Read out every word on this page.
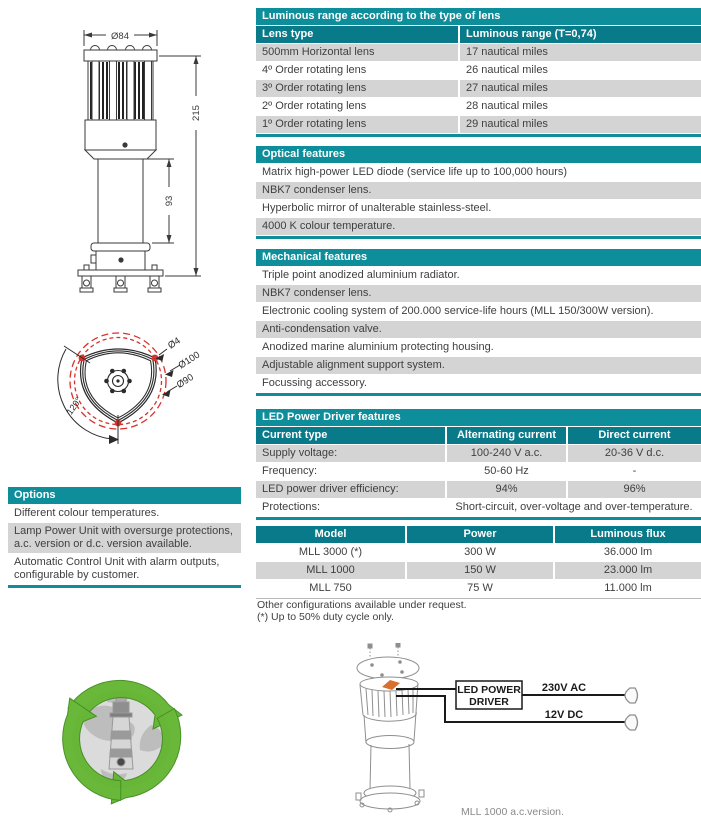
Luminous range according to the type of lens
Lens type	Luminous range (T=0,74)
500mm Horizontal lens	17 nautical miles
4º Order rotating lens	26 nautical miles
3º Order rotating lens	27 nautical miles
2º Order rotating lens	28 nautical miles
1º Order rotating lens	29 nautical miles
Optical features
Matrix high-power LED diode (service life up to 100,000 hours)
NBK7 condenser lens.
Hyperbolic mirror of unalterable stainless-steel.
4000 K colour temperature.
Mechanical features
Triple point anodized aluminium radiator.
NBK7 condenser lens.
Electronic cooling system of 200.000 service-life hours (MLL 150/300W version).
Anti-condensation valve.
Anodized marine aluminium protecting housing.
Adjustable alignment support system.
Focussing accessory.
LED Power Driver features
Current type	Alternating current	Direct current
Supply voltage:	100-240 V a.c.	20-36 V d.c.
Frequency:	50-60 Hz	-
LED power driver efficiency:	94%	96%
Protections:	Short-circuit, over-voltage and over-temperature.
Model	Power	Luminous flux
MLL 3000 (*)	300 W	36.000 lm
MLL 1000	150 W	23.000 lm
MLL 750	75 W	11.000 lm
Other configurations available under request.
(*) Up to 50% duty cycle only.
Options
Different colour temperatures.
Lamp Power Unit with oversurge protections, a.c. version or d.c. version available.
Automatic Control Unit with alarm outputs, configurable by customer.
Ø84
215
93
120°
Ø4
Ø100
Ø90
LED POWER
DRIVER
230V AC
12V DC
MLL 1000 a.c.version.
